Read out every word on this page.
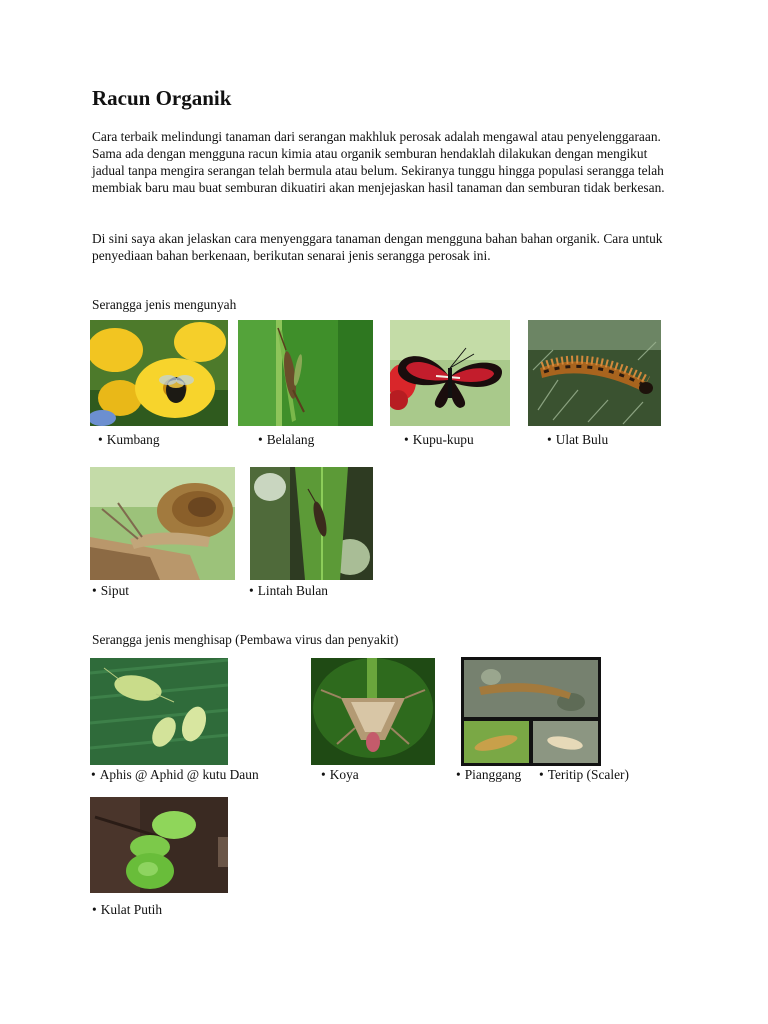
Racun Organik

Cara terbaik melindungi tanaman dari serangan makhluk perosak adalah mengawal atau penyelenggaraan. Sama ada dengan mengguna racun kimia atau organik semburan hendaklah dilakukan dengan mengikut jadual tanpa mengira serangan telah bermula atau belum. Sekiranya tunggu hingga populasi serangga telah membiak baru mau buat semburan dikuatiri akan menjejaskan hasil tanaman dan semburan tidak berkesan.

Di sini saya akan jelaskan cara menyenggara tanaman dengan mengguna bahan bahan organik. Cara untuk penyediaan bahan berkenaan, berikutan senarai jenis serangga perosak ini.

Serangga jenis mengunyah

• Kumbang	• Belalang	• Kupu-kupu	• Ulat Bulu
• Siput	• Lintah Bulan

Serangga jenis menghisap (Pembawa virus dan penyakit)

• Aphis @ Aphid @ kutu Daun	• Koya	• Pianggang • Teritip (Scaler)
• Kulat Putih
